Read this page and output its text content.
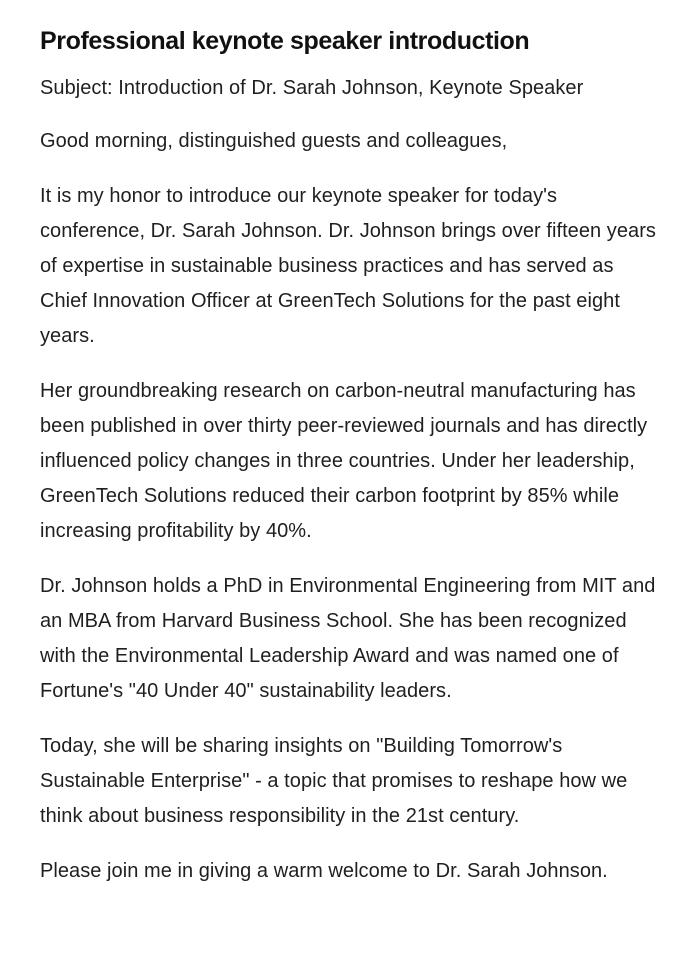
Professional keynote speaker introduction

Subject: Introduction of Dr. Sarah Johnson, Keynote Speaker

Good morning, distinguished guests and colleagues,

It is my honor to introduce our keynote speaker for today's conference, Dr. Sarah Johnson. Dr. Johnson brings over fifteen years of expertise in sustainable business practices and has served as Chief Innovation Officer at GreenTech Solutions for the past eight years.

Her groundbreaking research on carbon-neutral manufacturing has been published in over thirty peer-reviewed journals and has directly influenced policy changes in three countries. Under her leadership, GreenTech Solutions reduced their carbon footprint by 85% while increasing profitability by 40%.

Dr. Johnson holds a PhD in Environmental Engineering from MIT and an MBA from Harvard Business School. She has been recognized with the Environmental Leadership Award and was named one of Fortune's "40 Under 40" sustainability leaders.

Today, she will be sharing insights on "Building Tomorrow's Sustainable Enterprise" - a topic that promises to reshape how we think about business responsibility in the 21st century.

Please join me in giving a warm welcome to Dr. Sarah Johnson.
